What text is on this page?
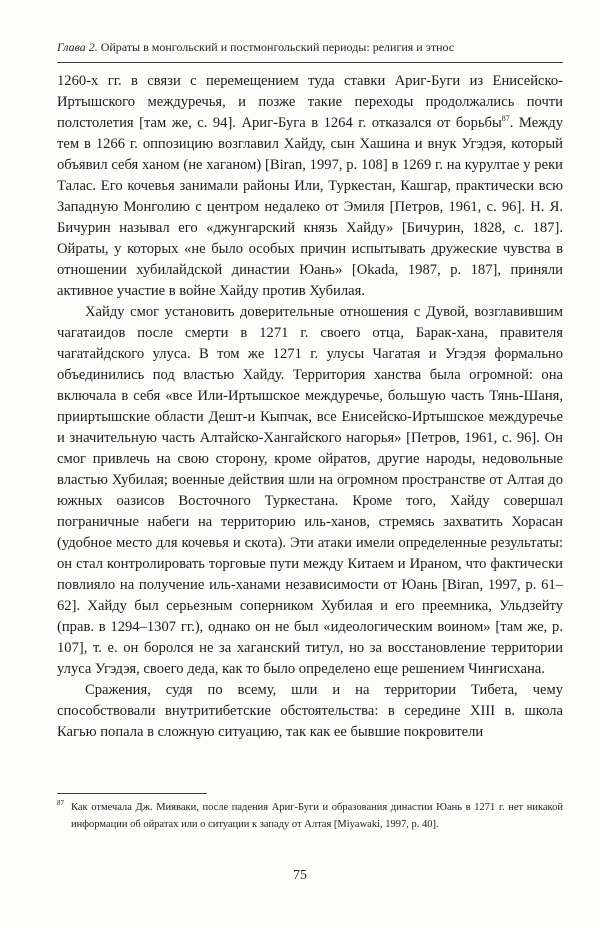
Глава 2. Ойраты в монгольский и постмонгольский периоды: религия и этнос

1260-х гг. в связи с перемещением туда ставки Ариг-Буги из Енисейско-Иртышского междуречья, и позже такие переходы продолжались почти полстолетия [там же, с. 94]. Ариг-Буга в 1264 г. отказался от борьбы$^{87}$. Между тем в 1266 г. оппозицию возглавил Хайду, сын Хашина и внук Угэдэя, который объявил себя ханом (не хаганом) [Biran, 1997, p. 108] в 1269 г. на курултае у реки Талас. Его кочевья занимали районы Или, Туркестан, Кашгар, практически всю Западную Монголию с центром недалеко от Эмиля [Петров, 1961, с. 96]. Н. Я. Бичурин называл его «джунгарский князь Хайду» [Бичурин, 1828, с. 187]. Ойраты, у которых «не было особых причин испытывать дружеские чувства в отношении хубилайдской династии Юань» [Okada, 1987, p. 187], приняли активное участие в войне Хайду против Хубилая.

Хайду смог установить доверительные отношения с Дувой, возглавившим чагатаидов после смерти в 1271 г. своего отца, Барак-хана, правителя чагатайдского улуса. В том же 1271 г. улусы Чагатая и Угэдэя формально объединились под властью Хайду. Территория ханства была огромной: она включала в себя «все Или-Иртышское междуречье, большую часть Тянь-Шаня, прииртышские области Дешт-и Кыпчак, все Енисейско-Иртышское междуречье и значительную часть Алтайско-Хангайского нагорья» [Петров, 1961, с. 96]. Он смог привлечь на свою сторону, кроме ойратов, другие народы, недовольные властью Хубилая; военные действия шли на огромном пространстве от Алтая до южных оазисов Восточного Туркестана. Кроме того, Хайду совершал пограничные набеги на территорию иль-ханов, стремясь захватить Хорасан (удобное место для кочевья и скота). Эти атаки имели определенные результаты: он стал контролировать торговые пути между Китаем и Ираном, что фактически повлияло на получение иль-ханами независимости от Юань [Biran, 1997, p. 61–62]. Хайду был серьезным соперником Хубилая и его преемника, Ульдзейту (прав. в 1294–1307 гг.), однако он не был «идеологическим воином» [там же, p. 107], т. е. он боролся не за хаганский титул, но за восстановление территории улуса Угэдэя, своего деда, как то было определено еще решением Чингисхана.

Сражения, судя по всему, шли и на территории Тибета, чему способствовали внутритибетские обстоятельства: в середине XIII в. школа Кагью попала в сложную ситуацию, так как ее бывшие покровители

87 Как отмечала Дж. Мияваки, после падения Ариг-Буги и образования династии Юань в 1271 г. нет никакой информации об ойратах или о ситуации к западу от Алтая [Miyawaki, 1997, p. 40].
75
